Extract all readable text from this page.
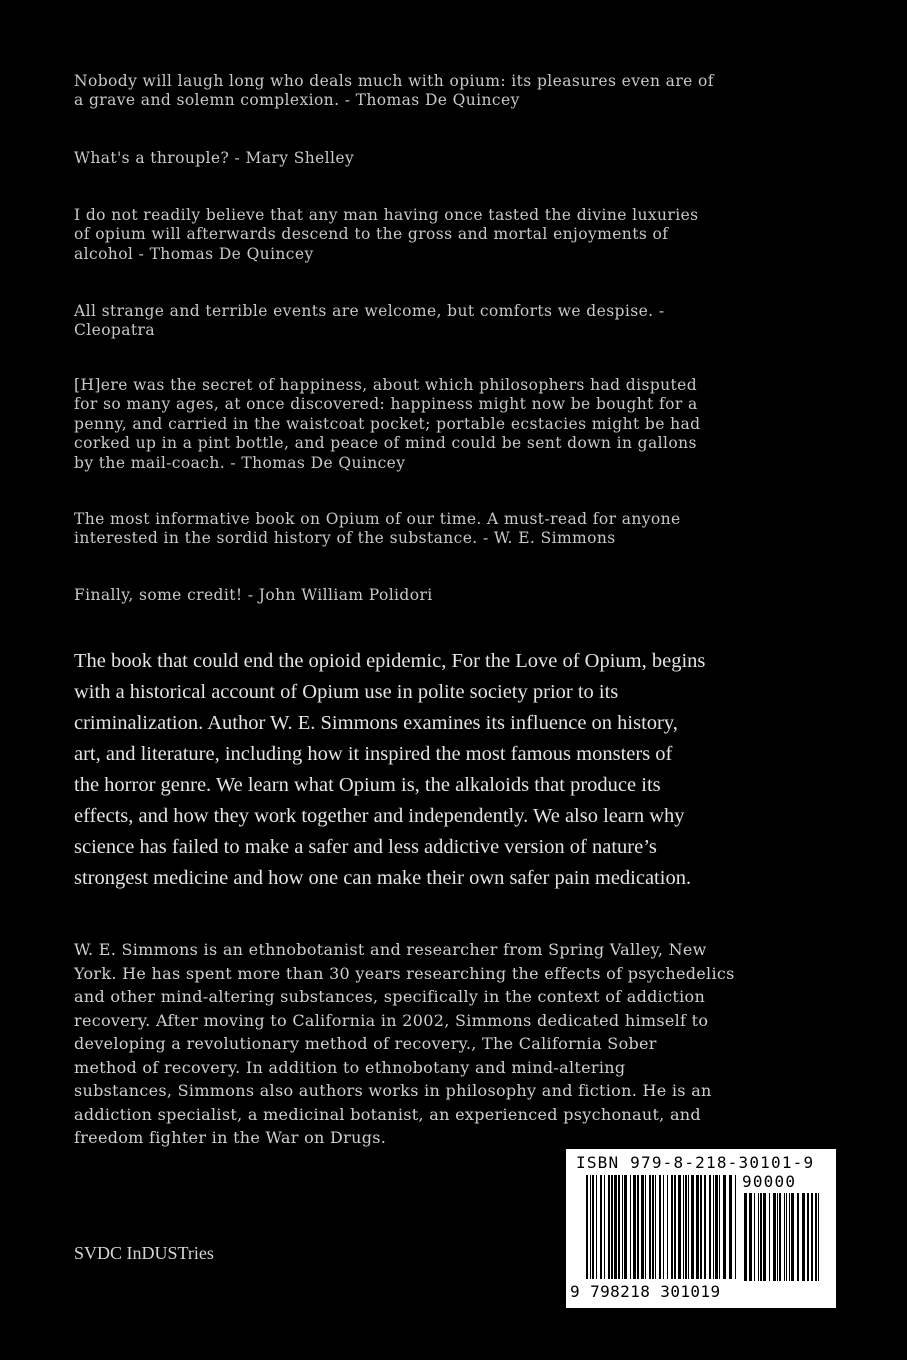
Nobody will laugh long who deals much with opium: its pleasures even are of
a grave and solemn complexion. - Thomas De Quincey
What's a throuple? - Mary Shelley
I do not readily believe that any man having once tasted the divine luxuries
of opium will afterwards descend to the gross and mortal enjoyments of
alcohol - Thomas De Quincey
All strange and terrible events are welcome, but comforts we despise. -
Cleopatra
[H]ere was the secret of happiness, about which philosophers had disputed
for so many ages, at once discovered: happiness might now be bought for a
penny, and carried in the waistcoat pocket; portable ecstacies might be had
corked up in a pint bottle, and peace of mind could be sent down in gallons
by the mail-coach. - Thomas De Quincey
The most informative book on Opium of our time. A must-read for anyone
interested in the sordid history of the substance. - W. E. Simmons
Finally, some credit! - John William Polidori
The book that could end the opioid epidemic, For the Love of Opium, begins
with a historical account of Opium use in polite society prior to its
criminalization. Author W. E. Simmons examines its influence on history,
art, and literature, including how it inspired the most famous monsters of
the horror genre. We learn what Opium is, the alkaloids that produce its
effects, and how they work together and independently. We also learn why
science has failed to make a safer and less addictive version of nature’s
strongest medicine and how one can make their own safer pain medication.
W. E. Simmons is an ethnobotanist and researcher from Spring Valley, New
York. He has spent more than 30 years researching the effects of psychedelics
and other mind-altering substances, specifically in the context of addiction
recovery. After moving to California in 2002, Simmons dedicated himself to
developing a revolutionary method of recovery., The California Sober
method of recovery. In addition to ethnobotany and mind-altering
substances, Simmons also authors works in philosophy and fiction. He is an
addiction specialist, a medicinal botanist, an experienced psychonaut, and
freedom fighter in the War on Drugs.
SVDC InDUSTries
ISBN 979-8-218-30101-9
90000
9 798218 301019
